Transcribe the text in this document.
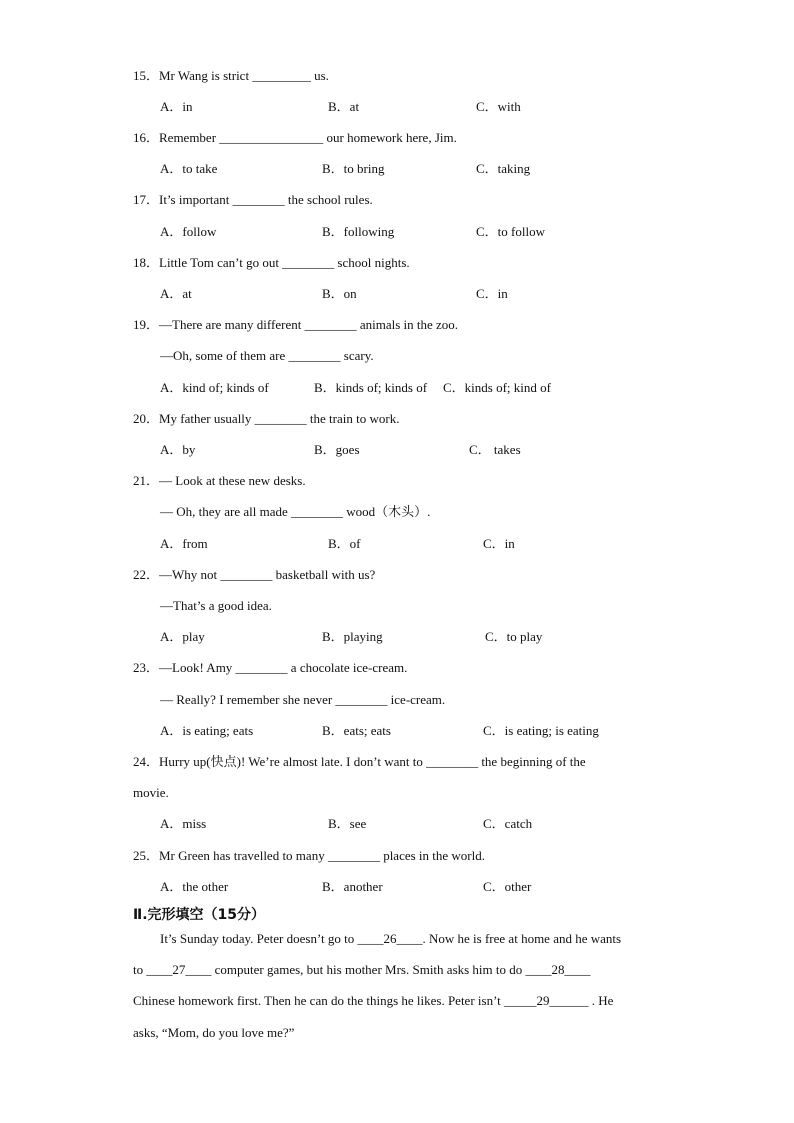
15．Mr Wang is strict _________ us.
A．in	B．at	C．with
16．Remember ________________ our homework here, Jim.
A．to take	B．to bring	C．taking
17．It’s important ________ the school rules.
A．follow	B．following	C．to follow
18．Little Tom can’t go out ________ school nights.
A．at	B．on	C．in
19．—There are many different ________ animals in the zoo.
—Oh, some of them are ________ scary.
A．kind of; kinds of	B．kinds of; kinds of C．kinds of; kind of
20．My father usually ________ the train to work.
A．by	B．goes	C． takes
21．— Look at these new desks.
— Oh, they are all made ________ wood（木头）.
A．from	B．of	C．in
22．—Why not ________ basketball with us?
—That’s a good idea.
A．play	B．playing	C．to play
23．—Look! Amy ________ a chocolate ice-cream.
— Really? I remember she never ________ ice-cream.
A．is eating; eats	B．eats; eats	C．is eating; is eating
24．Hurry up(快点)! We’re almost late. I don’t want to ________ the beginning of the
movie.
A．miss	B．see	C．catch
25．Mr Green has travelled to many ________ places in the world.
A．the other	B．another	C．other
Ⅱ.完形填空（15分）
It’s Sunday today. Peter doesn’t go to ____26____. Now he is free at home and he wants
to ____27____ computer games, but his mother Mrs. Smith asks him to do ____28____
Chinese homework first. Then he can do the things he likes. Peter isn’t _____29______ . He
asks, “Mom, do you love me?”
